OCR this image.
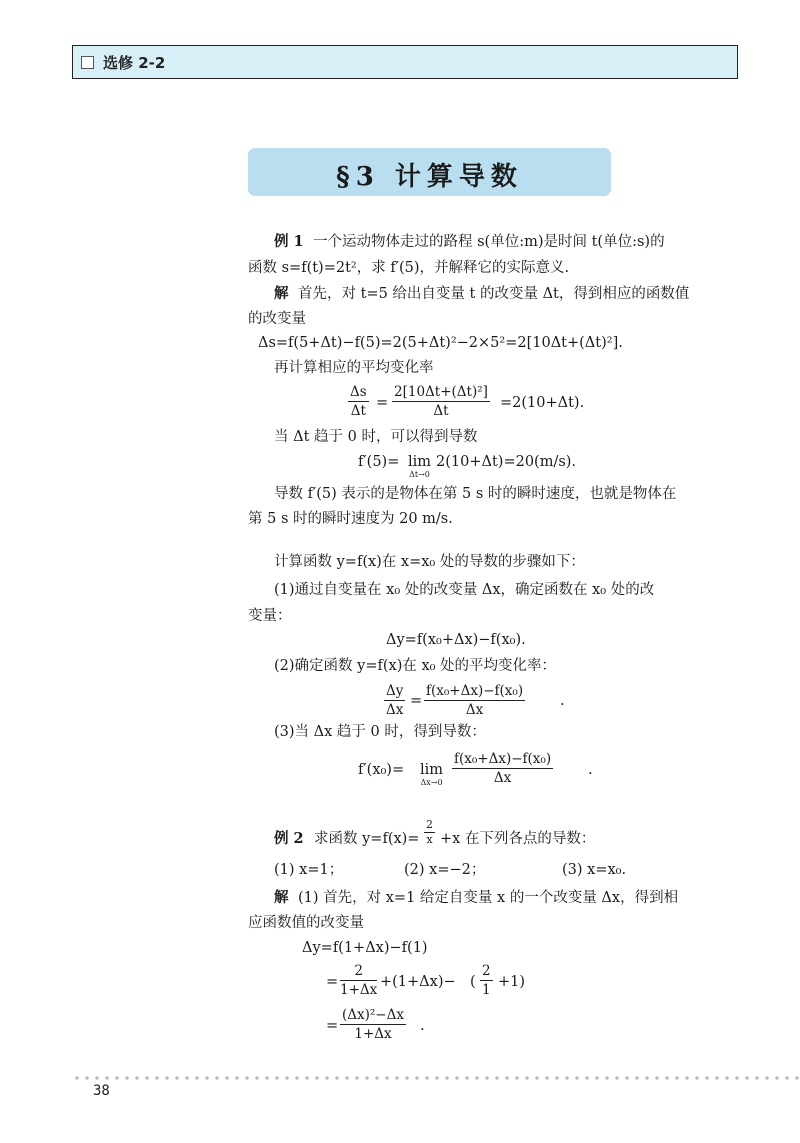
选修 2-2
§3 计算导数
例 1 一个运动物体走过的路程 s(单位:m)是时间 t(单位:s)的
函数 s=f(t)=2t²，求 f′(5)，并解释它的实际意义.
解 首先，对 t=5 给出自变量 t 的改变量 Δt，得到相应的函数值
的改变量
Δs=f(5+Δt)−f(5)=2(5+Δt)²−2×5²=2[10Δt+(Δt)²].
再计算相应的平均变化率
$\frac{\Delta s}{\Delta t} = \frac{\text{2[10Δt+(Δt)²]}}{\Delta t} =2(10+\Delta t)$.
当 Δt 趋于 0 时，可以得到导数
f′(5)= lim
Δt→0
2(10+Δt)=20(m/s).
导数 f′(5) 表示的是物体在第 5 s 时的瞬时速度，也就是物体在
第 5 s 时的瞬时速度为 20 m/s.
计算函数 y=f(x)在 x=x₀ 处的导数的步骤如下：
(1)通过自变量在 x₀ 处的改变量 Δx，确定函数在 x₀ 处的改
变量：
Δy=f(x₀+Δx)−f(x₀).
(2)确定函数 y=f(x)在 x₀ 处的平均变化率：
$\frac{\Delta y}{\Delta x} = \frac{\text{f(x₀+Δx)−f(x₀)}}{\Delta x}$ .
(3)当 Δx 趋于 0 时，得到导数：
f′(x₀)= lim
$\Delta x\to 0 \frac{\text{f(x₀+Δx)−f(x₀)}}{\Delta x}$ .
例 2 求函数 $y=f(x)= \frac{2}{x} +x$ 在下列各点的导数：
(1) x=1；	(2) x=−2；	(3) x=x₀.
解 (1) 首先，对 x=1 给定自变量 x 的一个改变量 Δx，得到相
应函数值的改变量
Δy=f(1+Δx)−f(1)
= $\frac{2}{1+\Delta x} +(1+\Delta x)-$ ( $\frac{2}{1} +1$)
= $\frac{\text{(Δx)²−Δx}}{1+\Delta x}$ .
38
